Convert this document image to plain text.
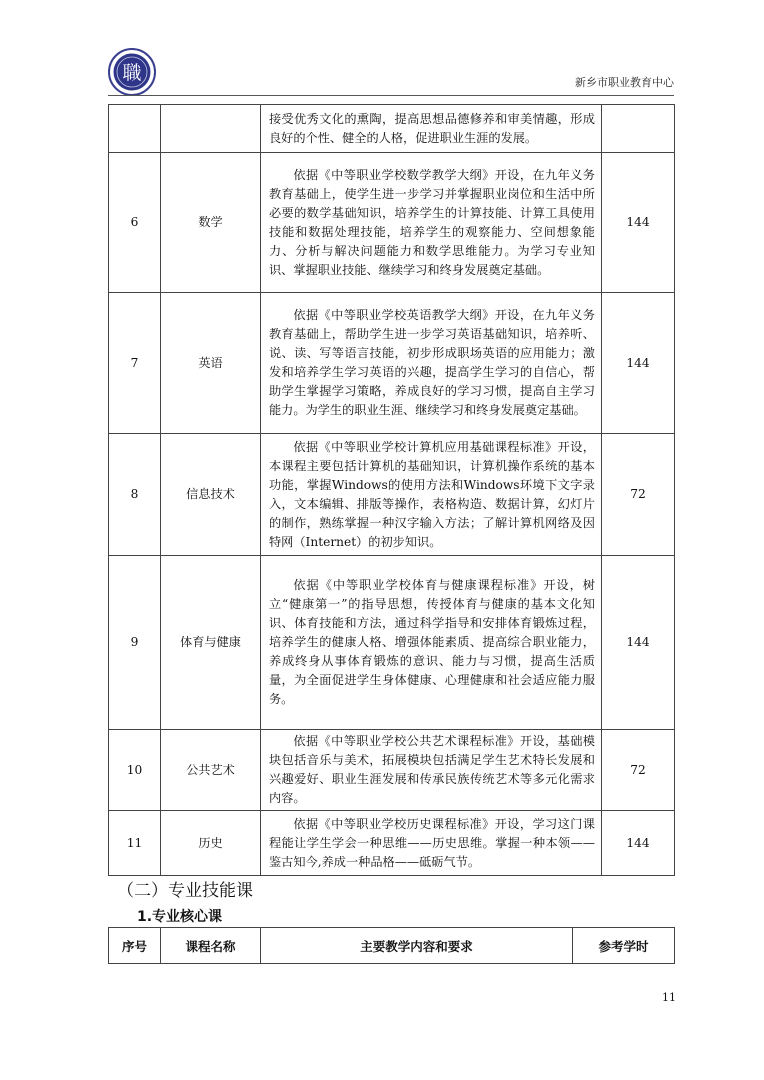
職	新乡市职业教育中心

		接受优秀文化的熏陶，提高思想品德修养和审美情趣，形成良好的个性、健全的人格，促进职业生涯的发展。	

6	数学	依据《中等职业学校数学教学大纲》开设，在九年义务教育基础上，使学生进一步学习并掌握职业岗位和生活中所必要的数学基础知识，培养学生的计算技能、计算工具使用技能和数据处理技能，培养学生的观察能力、空间想象能力、分析与解决问题能力和数学思维能力。为学习专业知识、掌握职业技能、继续学习和终身发展奠定基础。	144
7	英语	依据《中等职业学校英语教学大纲》开设，在九年义务教育基础上，帮助学生进一步学习英语基础知识，培养听、说、读、写等语言技能，初步形成职场英语的应用能力；激发和培养学生学习英语的兴趣，提高学生学习的自信心，帮助学生掌握学习策略，养成良好的学习习惯，提高自主学习能力。为学生的职业生涯、继续学习和终身发展奠定基础。	144
8	信息技术	依据《中等职业学校计算机应用基础课程标准》开设，本课程主要包括计算机的基础知识，计算机操作系统的基本功能，掌握Windows的使用方法和Windows环境下文字录入，文本编辑、排版等操作，表格构造、数据计算，幻灯片的制作，熟练掌握一种汉字输入方法；了解计算机网络及因特网（Internet）的初步知识。	72
9	体育与健康	依据《中等职业学校体育与健康课程标准》开设，树立“健康第一”的指导思想，传授体育与健康的基本文化知识、体育技能和方法，通过科学指导和安排体育锻炼过程，培养学生的健康人格、增强体能素质、提高综合职业能力，养成终身从事体育锻炼的意识、能力与习惯，提高生活质量，为全面促进学生身体健康、心理健康和社会适应能力服务。	144
10	公共艺术	依据《中等职业学校公共艺术课程标准》开设，基础模块包括音乐与美术，拓展模块包括满足学生艺术特长发展和兴趣爱好、职业生涯发展和传承民族传统艺术等多元化需求内容。	72
11	历史	依据《中等职业学校历史课程标准》开设，学习这门课程能让学生学会一种思维——历史思维。掌握一种本领——鉴古知今,养成一种品格——砥砺气节。	144
（二）专业技能课
1.专业核心课
序号	课程名称	主要教学内容和要求	参考学时
11
